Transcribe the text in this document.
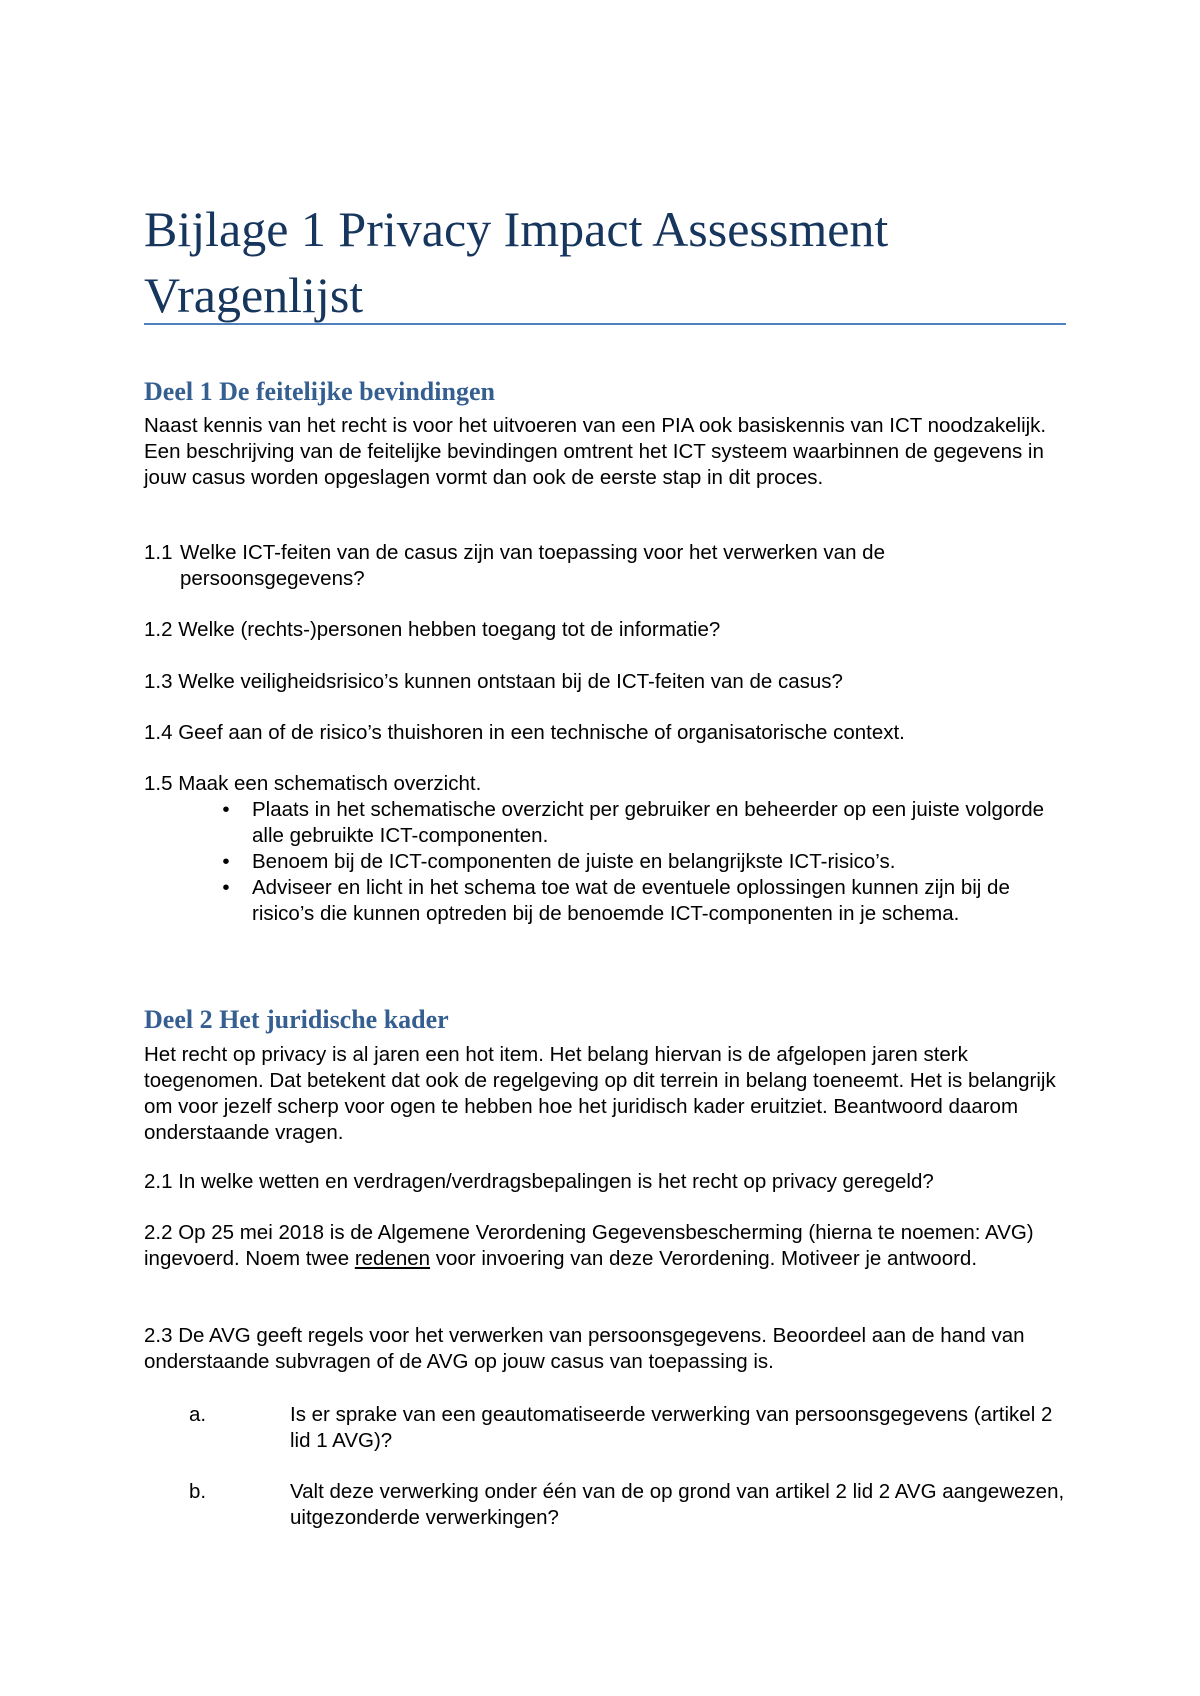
Bijlage 1 Privacy Impact Assessment
Vragenlijst
Deel 1 De feitelijke bevindingen

Naast kennis van het recht is voor het uitvoeren van een PIA ook basiskennis van ICT noodzakelijk. Een beschrijving van de feitelijke bevindingen omtrent het ICT systeem waarbinnen de gegevens in jouw casus worden opgeslagen vormt dan ook de eerste stap in dit proces.

1.1 Welke ICT-feiten van de casus zijn van toepassing voor het verwerken van de
persoonsgegevens?

1.2 Welke (rechts-)personen hebben toegang tot de informatie?

1.3 Welke veiligheidsrisico’s kunnen ontstaan bij de ICT-feiten van de casus?

1.4 Geef aan of de risico’s thuishoren in een technische of organisatorische context.

1.5 Maak een schematisch overzicht.

•	Plaats in het schematische overzicht per gebruiker en beheerder op een juiste volgorde alle gebruikte ICT-componenten.
•	Benoem bij de ICT-componenten de juiste en belangrijkste ICT-risico’s.
•	Adviseer en licht in het schema toe wat de eventuele oplossingen kunnen zijn bij de risico’s die kunnen optreden bij de benoemde ICT-componenten in je schema.
Deel 2 Het juridische kader

Het recht op privacy is al jaren een hot item. Het belang hiervan is de afgelopen jaren sterk toegenomen. Dat betekent dat ook de regelgeving op dit terrein in belang toeneemt. Het is belangrijk om voor jezelf scherp voor ogen te hebben hoe het juridisch kader eruitziet. Beantwoord daarom onderstaande vragen.

2.1 In welke wetten en verdragen/verdragsbepalingen is het recht op privacy geregeld?

2.2 Op 25 mei 2018 is de Algemene Verordening Gegevensbescherming (hierna te noemen: AVG) ingevoerd. Noem twee redenen voor invoering van deze Verordening. Motiveer je antwoord.

2.3 De AVG geeft regels voor het verwerken van persoonsgegevens. Beoordeel aan de hand van onderstaande subvragen of de AVG op jouw casus van toepassing is.

a.	Is er sprake van een geautomatiseerde verwerking van persoonsgegevens (artikel 2 lid 1 AVG)?

b.	Valt deze verwerking onder één van de op grond van artikel 2 lid 2 AVG aangewezen, uitgezonderde verwerkingen?
